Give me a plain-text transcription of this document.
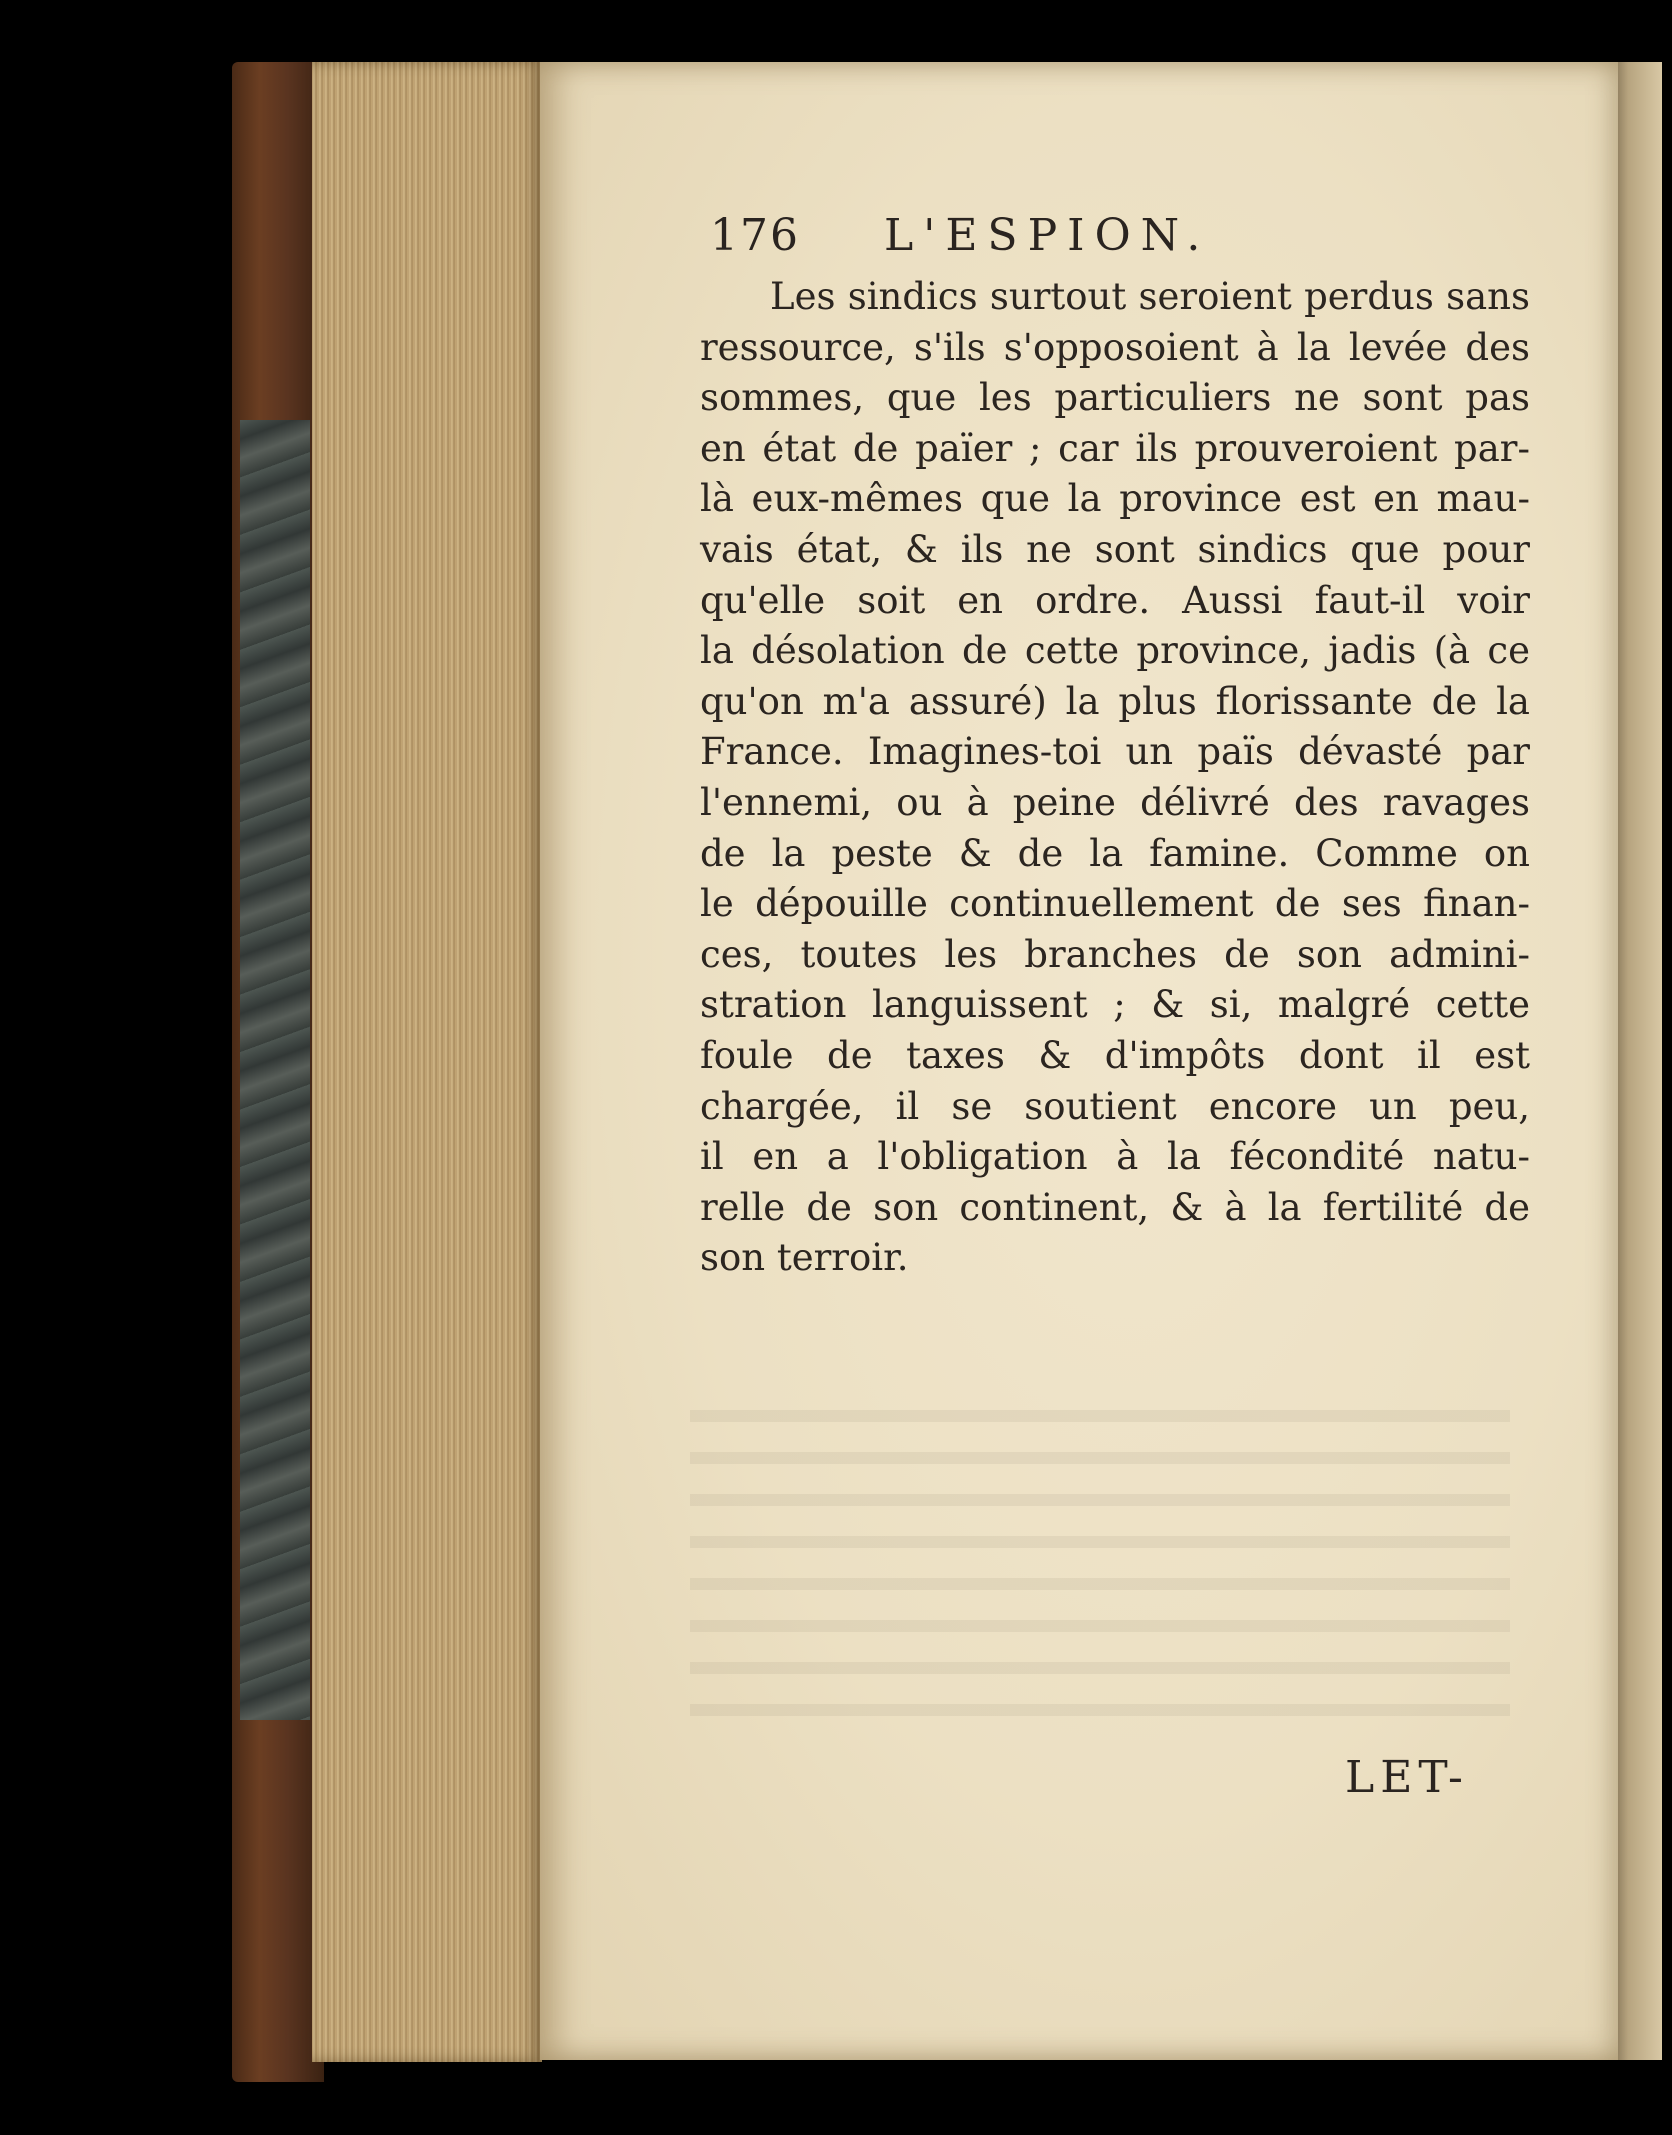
176 L'ESPION.
Les sindics surtout seroient perdus sans
ressource, s'ils s'opposoient à la levée des
sommes, que les particuliers ne sont pas
en état de païer ; car ils prouveroient par-
là eux-mêmes que la province est en mau-
vais état, & ils ne sont sindics que pour
qu'elle soit en ordre. Aussi faut-il voir
la désolation de cette province, jadis (à ce
qu'on m'a assuré) la plus florissante de la
France. Imagines-toi un païs dévasté par
l'ennemi, ou à peine délivré des ravages
de la peste & de la famine. Comme on
le dépouille continuellement de ses finan-
ces, toutes les branches de son admini-
stration languissent ; & si, malgré cette
foule de taxes & d'impôts dont il est
chargée, il se soutient encore un peu,
il en a l'obligation à la fécondité natu-
relle de son continent, & à la fertilité de
son terroir.
LET-
